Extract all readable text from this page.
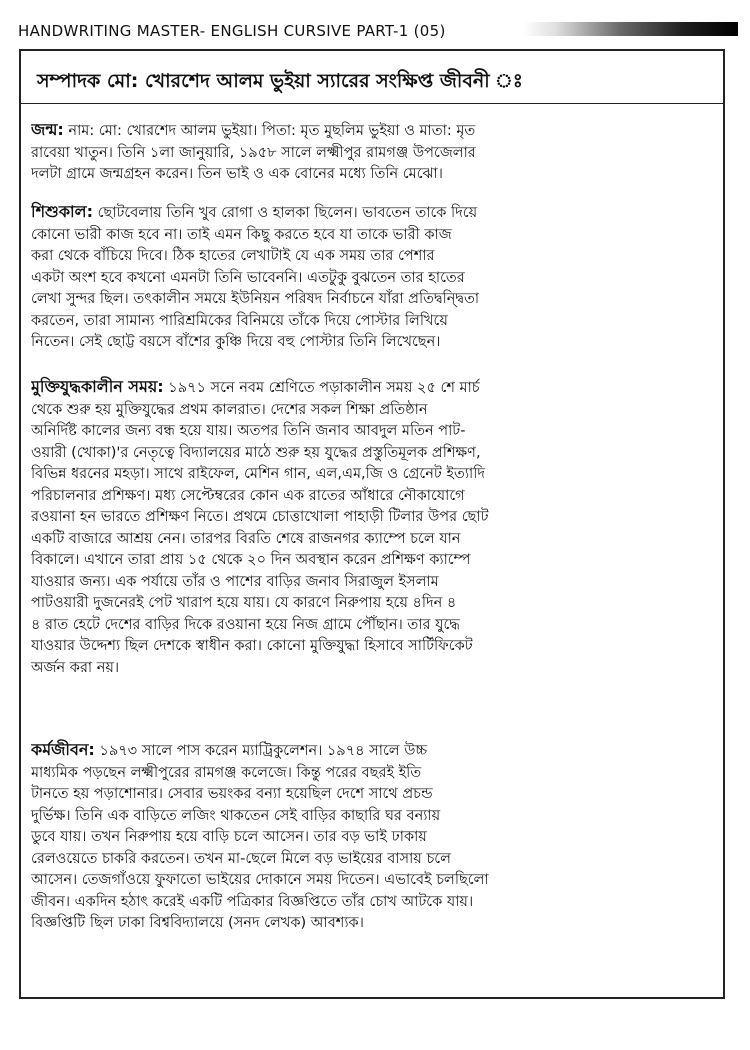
HANDWRITING MASTER- ENGLISH CURSIVE PART-1 (05)
সম্পাদক মো: খোরশেদ আলম ভুইয়া স্যারের সংক্ষিপ্ত জীবনী ঃ
জন্ম: নাম: মো: খোরশেদ আলম ভুইয়া। পিতা: মৃত মুছলিম ভুইয়া ও মাতা: মৃত
রাবেয়া খাতুন। তিনি ১লা জানুয়ারি, ১৯৫৮ সালে লক্ষ্মীপুর রামগঞ্জ উপজেলার
দলটা গ্রামে জন্মগ্রহন করেন। তিন ভাই ও এক বোনের মধ্যে তিনি মেঝো।
শিশুকাল: ছোটবেলায় তিনি খুব রোগা ও হালকা ছিলেন। ভাবতেন তাকে দিয়ে
কোনো ভারী কাজ হবে না। তাই এমন কিছু করতে হবে যা তাকে ভারী কাজ
করা থেকে বাঁচিয়ে দিবে। ঠিক হাতের লেখাটাই যে এক সময় তার পেশার
একটা অংশ হবে কখনো এমনটা তিনি ভাবেননি। এতটুকু বুঝতেন তার হাতের
লেখা সুন্দর ছিল। তৎকালীন সময়ে ইউনিয়ন পরিষদ নির্বাচনে যাঁরা প্রতিদ্বন্দ্বিতা
করতেন, তারা সামান্য পারিশ্রমিকের বিনিময়ে তাঁকে দিয়ে পোস্টার লিখিয়ে
নিতেন। সেই ছোট্ট বয়সে বাঁশের কুঞ্চি দিয়ে বহু পোস্টার তিনি লিখেছেন।
মুক্তিযুদ্ধকালীন সময়: ১৯৭১ সনে নবম শ্রেণিতে পড়াকালীন সময় ২৫ শে মার্চ
থেকে শুরু হয় মুক্তিযুদ্ধের প্রথম কালরাত। দেশের সকল শিক্ষা প্রতিষ্ঠান
অনির্দিষ্ট কালের জন্য বন্ধ হয়ে যায়। অতপর তিনি জনাব আবদুল মতিন পাট-
ওয়ারী (খোকা)'র নেতৃত্বে বিদ্যালয়ের মাঠে শুরু হয় যুদ্ধের প্রস্তুতিমূলক প্রশিক্ষণ,
বিভিন্ন ধরনের মহড়া। সাথে রাইফেল, মেশিন গান, এল,এম,জি ও গ্রেনেট ইত্যাদি
পরিচালনার প্রশিক্ষণ। মধ্য সেপ্টেম্বরের কোন এক রাতের আঁধারে নৌকাযোগে
রওয়ানা হন ভারতে প্রশিক্ষণ নিতে। প্রথমে চোত্তাখোলা পাহাড়ী টিলার উপর ছোট
একটি বাজারে আশ্রয় নেন। তারপর বিরতি শেষে রাজনগর ক্যাম্পে চলে যান
বিকালে। এখানে তারা প্রায় ১৫ থেকে ২০ দিন অবস্থান করেন প্রশিক্ষণ ক্যাম্পে
যাওয়ার জন্য। এক পর্যায়ে তাঁর ও পাশের বাড়ির জনাব সিরাজুল ইসলাম
পাটওয়ারী দুজনেরই পেট খারাপ হয়ে যায়। যে কারণে নিরুপায় হয়ে ৪দিন ৪
৪ রাত হেটে দেশের বাড়ির দিকে রওয়ানা হয়ে নিজ গ্রামে পৌঁছান। তার যুদ্ধে
যাওয়ার উদ্দেশ্য ছিল দেশকে স্বাধীন করা। কোনো মুক্তিযুদ্ধা হিসাবে সার্টিফিকেট
অর্জন করা নয়।
কর্মজীবন: ১৯৭৩ সালে পাস করেন ম্যাট্রিকুলেশন। ১৯৭৪ সালে উচ্চ
মাধ্যমিক পড়ছেন লক্ষ্মীপুরের রামগঞ্জ কলেজে। কিন্তু পরের বছরই ইতি
টানতে হয় পড়াশোনার। সেবার ভয়ংকর বন্যা হয়েছিল দেশে সাথে প্রচন্ড
দুর্ভিক্ষ। তিনি এক বাড়িতে লজিং থাকতেন সেই বাড়ির কাছারি ঘর বন্যায়
ডুবে যায়। তখন নিরুপায় হয়ে বাড়ি চলে আসেন। তার বড় ভাই ঢাকায়
রেলওয়েতে চাকরি করতেন। তখন মা-ছেলে মিলে বড় ভাইয়ের বাসায় চলে
আসেন। তেজগাঁওয়ে ফুফাতো ভাইয়ের দোকানে সময় দিতেন। এভাবেই চলছিলো
জীবন। একদিন হঠাৎ করেই একটি পত্রিকার বিজ্ঞপ্তিতে তাঁর চোখ আটকে যায়।
বিজ্ঞপ্তিটি ছিল ঢাকা বিশ্ববিদ্যালয়ে (সনদ লেখক) আবশ্যক।
